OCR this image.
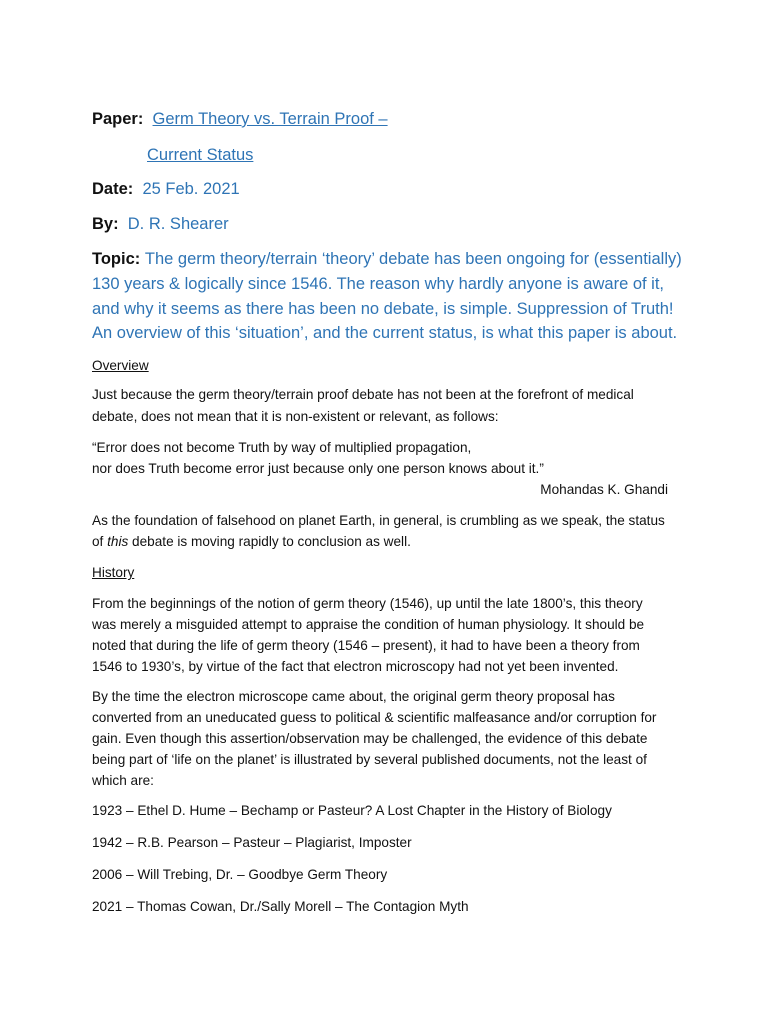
Paper: Germ Theory vs. Terrain Proof –
Current Status
Date: 25 Feb. 2021
By: D. R. Shearer
Topic: The germ theory/terrain ‘theory’ debate has been ongoing for (essentially)
130 years & logically since 1546. The reason why hardly anyone is aware of it,
and why it seems as there has been no debate, is simple. Suppression of Truth!
An overview of this ‘situation’, and the current status, is what this paper is about.
Overview
Just because the germ theory/terrain proof debate has not been at the forefront of medical
debate, does not mean that it is non-existent or relevant, as follows:
“Error does not become Truth by way of multiplied propagation,
nor does Truth become error just because only one person knows about it.”
Mohandas K. Ghandi
As the foundation of falsehood on planet Earth, in general, is crumbling as we speak, the status
of this debate is moving rapidly to conclusion as well.
History
From the beginnings of the notion of germ theory (1546), up until the late 1800’s, this theory
was merely a misguided attempt to appraise the condition of human physiology. It should be
noted that during the life of germ theory (1546 – present), it had to have been a theory from
1546 to 1930’s, by virtue of the fact that electron microscopy had not yet been invented.
By the time the electron microscope came about, the original germ theory proposal has
converted from an uneducated guess to political & scientific malfeasance and/or corruption for
gain. Even though this assertion/observation may be challenged, the evidence of this debate
being part of ‘life on the planet’ is illustrated by several published documents, not the least of
which are:
1923 – Ethel D. Hume – Bechamp or Pasteur? A Lost Chapter in the History of Biology
1942 – R.B. Pearson – Pasteur – Plagiarist, Imposter
2006 – Will Trebing, Dr. – Goodbye Germ Theory
2021 – Thomas Cowan, Dr./Sally Morell – The Contagion Myth
